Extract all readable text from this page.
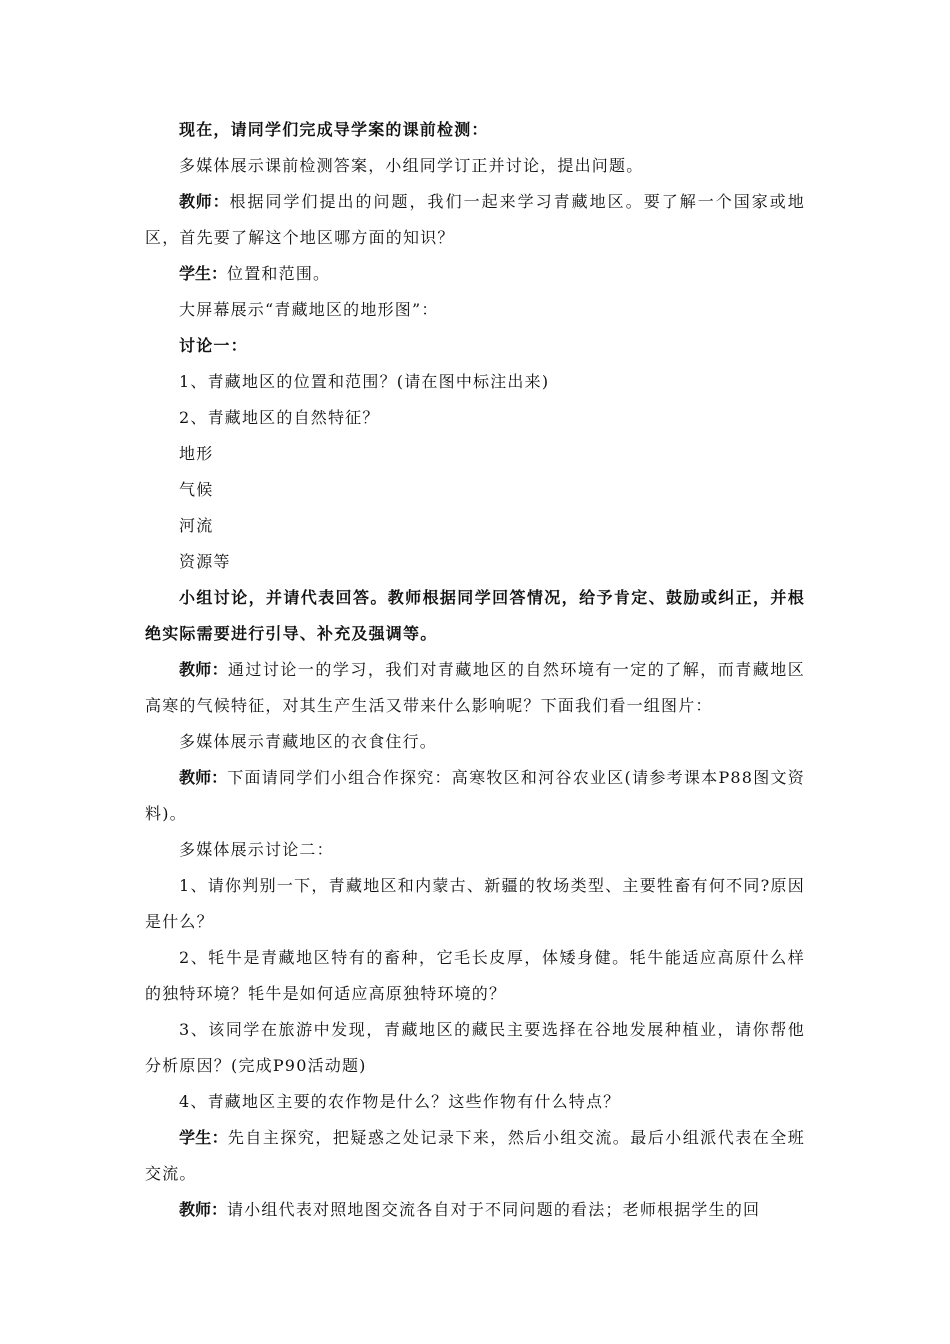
现在，请同学们完成导学案的课前检测：

多媒体展示课前检测答案，小组同学订正并讨论，提出问题。

教师：根据同学们提出的问题，我们一起来学习青藏地区。要了解一个国家或地区，首先要了解这个地区哪方面的知识？

学生：位置和范围。

大屏幕展示“青藏地区的地形图”：

讨论一：

1、青藏地区的位置和范围？(请在图中标注出来)

2、青藏地区的自然特征？

地形

气候

河流

资源等

小组讨论，并请代表回答。教师根据同学回答情况，给予肯定、鼓励或纠正，并根绝实际需要进行引导、补充及强调等。

教师：通过讨论一的学习，我们对青藏地区的自然环境有一定的了解，而青藏地区高寒的气候特征，对其生产生活又带来什么影响呢？下面我们看一组图片：

多媒体展示青藏地区的衣食住行。

教师：下面请同学们小组合作探究：高寒牧区和河谷农业区(请参考课本P88图文资料)。

多媒体展示讨论二：

1、请你判别一下，青藏地区和内蒙古、新疆的牧场类型、主要牲畜有何不同?原因是什么？

2、牦牛是青藏地区特有的畜种，它毛长皮厚，体矮身健。牦牛能适应高原什么样的独特环境？牦牛是如何适应高原独特环境的？

3、该同学在旅游中发现，青藏地区的藏民主要选择在谷地发展种植业，请你帮他分析原因？(完成P90活动题)

4、青藏地区主要的农作物是什么？这些作物有什么特点？

学生：先自主探究，把疑惑之处记录下来，然后小组交流。最后小组派代表在全班交流。

教师：请小组代表对照地图交流各自对于不同问题的看法；老师根据学生的回
